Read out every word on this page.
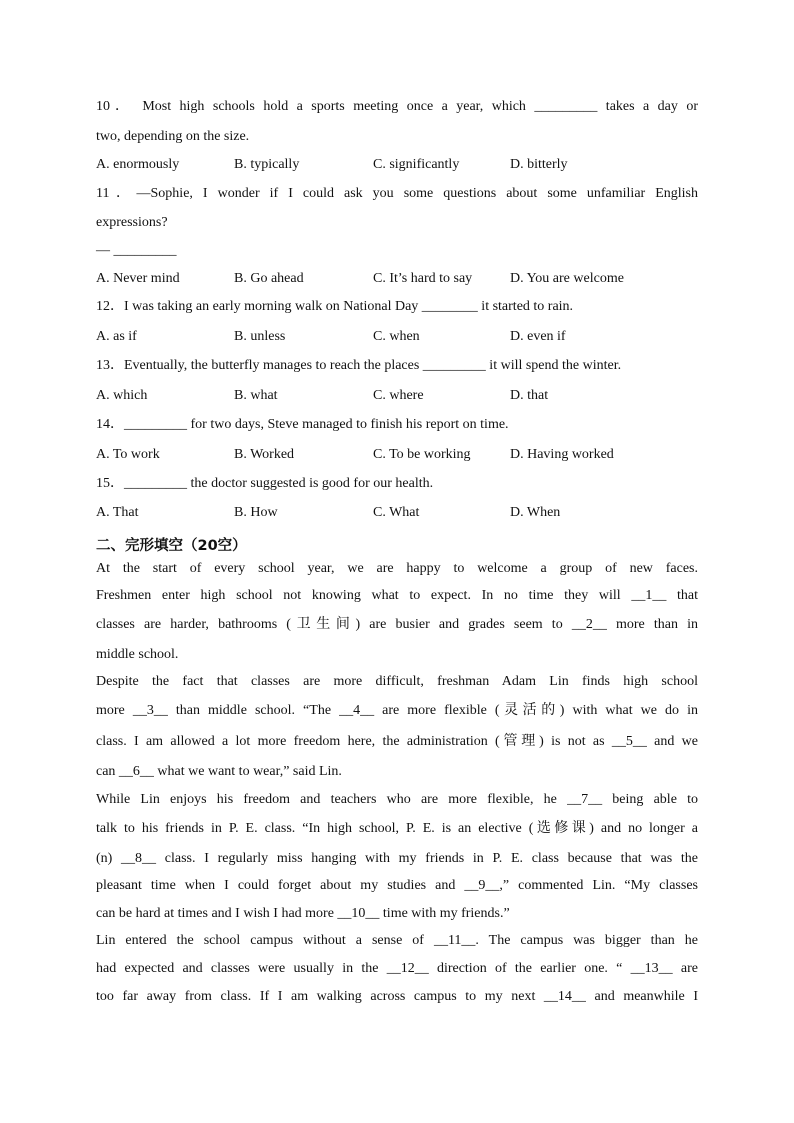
10． Most high schools hold a sports meeting once a year, which _________ takes a day or
two, depending on the size.
A. enormously	B. typically	C. significantly	D. bitterly
11．—Sophie, I wonder if I could ask you some questions about some unfamiliar English
expressions?
— _________
A. Never mind	B. Go ahead	C. It’s hard to say	D. You are welcome
12．I was taking an early morning walk on National Day ________ it started to rain.
A. as if	B. unless	C. when	D. even if
13．Eventually, the butterfly manages to reach the places _________ it will spend the winter.
A. which	B. what	C. where	D. that
14．_________ for two days, Steve managed to finish his report on time.
A. To work	B. Worked	C. To be working	D. Having worked
15．_________ the doctor suggested is good for our health.
A. That	B. How	C. What	D. When
二、完形填空（20空）
At the start of every school year, we are happy to welcome a group of new faces.
Freshmen enter high school not knowing what to expect. In no time they will __1__ that
classes are harder, bathrooms (卫生间) are busier and grades seem to __2__ more than in
middle school.
Despite the fact that classes are more difficult, freshman Adam Lin finds high school
more __3__ than middle school. “The __4__ are more flexible (灵活的) with what we do in
class. I am allowed a lot more freedom here, the administration (管理) is not as __5__ and we
can __6__ what we want to wear,” said Lin.
While Lin enjoys his freedom and teachers who are more flexible, he __7__ being able to
talk to his friends in P. E. class. “In high school, P. E. is an elective (选修课) and no longer a
(n) __8__ class. I regularly miss hanging with my friends in P. E. class because that was the
pleasant time when I could forget about my studies and __9__,” commented Lin. “My classes
can be hard at times and I wish I had more __10__ time with my friends.”
Lin entered the school campus without a sense of __11__. The campus was bigger than he
had expected and classes were usually in the __12__ direction of the earlier one. “ __13__ are
too far away from class. If I am walking across campus to my next __14__ and meanwhile I
